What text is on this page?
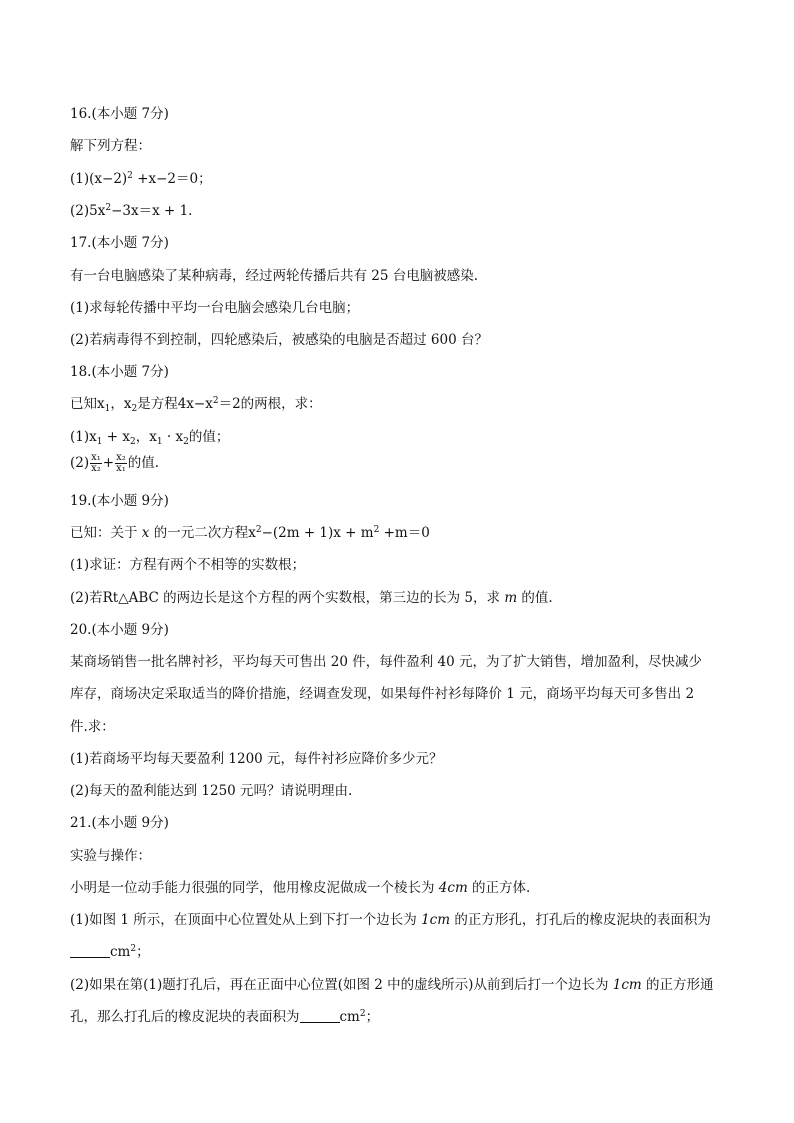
16.(本小题 7分)
解下列方程：
$(1)(x-2)^2 +x-2=0$；
$(2)5x^2-3x=x + 1$.
17.(本小题 7分)
有一台电脑感染了某种病毒，经过两轮传播后共有 25 台电脑被感染.
(1)求每轮传播中平均一台电脑会感染几台电脑；
(2)若病毒得不到控制，四轮感染后，被感染的电脑是否超过 600 台？
18.(本小题 7分)
已知$x_1$，$x_2$是方程$4x-x^2=2$的两根，求：
$(1)x_1 + x_2$，$x_1 \cdot x_2$的值；
$(2) \frac{\text{x₁}}{\text{x₂}} + \frac{\text{x₂}}{\text{x₁}}$ 的值.
19.(本小题 9分)
已知：关于 x 的一元二次方程$x^2-(2m + 1)x + m^2 +m=0$
(1)求证：方程有两个不相等的实数根；
(2)若Rt△ABC 的两边长是这个方程的两个实数根，第三边的长为 5，求 m 的值.
20.(本小题 9分)
某商场销售一批名牌衬衫，平均每天可售出 20 件，每件盈利 40 元，为了扩大销售，增加盈利，尽快减少
库存，商场决定采取适当的降价措施，经调查发现，如果每件衬衫每降价 1 元，商场平均每天可多售出 2
件.求：
(1)若商场平均每天要盈利 1200 元，每件衬衫应降价多少元？
(2)每天的盈利能达到 1250 元吗？请说明理由.
21.(本小题 9分)
实验与操作：
小明是一位动手能力很强的同学，他用橡皮泥做成一个棱长为 4cm 的正方体.
(1)如图 1 所示，在顶面中心位置处从上到下打一个边长为 1cm 的正方形孔，打孔后的橡皮泥块的表面积为
$cm^2$；
(2)如果在第(1)题打孔后，再在正面中心位置(如图 2 中的虚线所示)从前到后打一个边长为 1cm 的正方形通
孔，那么打孔后的橡皮泥块的表面积为	$cm^2$；
